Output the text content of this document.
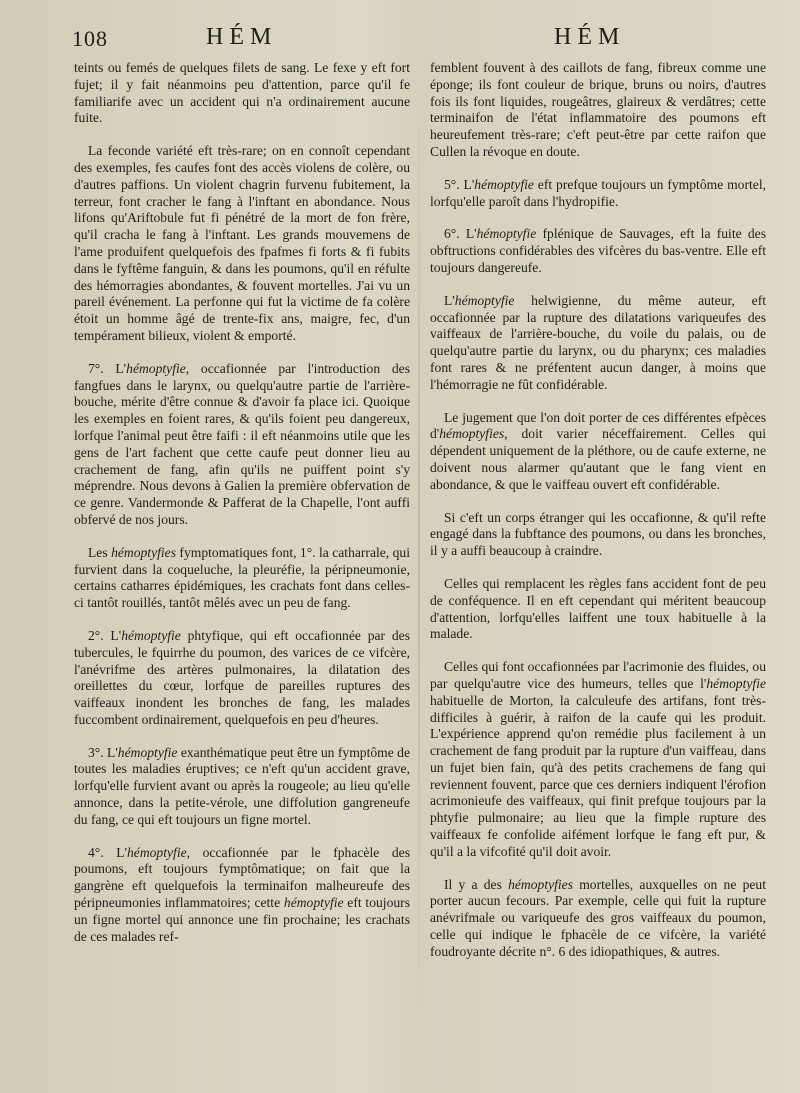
108	HÉM	HÉM

teints ou femés de quelques filets de sang. Le fexe y eft fort fujet; il y fait néanmoins peu d'attention, parce qu'il fe familiarife avec un accident qui n'a ordinairement aucune fuite.

La feconde variété eft très-rare; on en connoît cependant des exemples, fes caufes font des accès violens de colère, ou d'autres paffions. Un violent chagrin furvenu fubitement, la terreur, font cracher le fang à l'inftant en abondance. Nous lifons qu'Ariftobule fut fi pénétré de la mort de fon frère, qu'il cracha le fang à l'inftant. Les grands mouvemens de l'ame produifent quelquefois des fpafmes fi forts & fi fubits dans le fyftême fanguin, & dans les poumons, qu'il en réfulte des hémorragies abondantes, & fouvent mortelles. J'ai vu un pareil événement. La perfonne qui fut la victime de fa colère étoit un homme âgé de trente-fix ans, maigre, fec, d'un tempérament bilieux, violent & emporté.

7°. L'hémoptyfie, occafionnée par l'introduction des fangfues dans le larynx, ou quelqu'autre partie de l'arrière-bouche, mérite d'être connue & d'avoir fa place ici. Quoique les exemples en foient rares, & qu'ils foient peu dangereux, lorfque l'animal peut être faifi : il eft néanmoins utile que les gens de l'art fachent que cette caufe peut donner lieu au crachement de fang, afin qu'ils ne puiffent point s'y méprendre. Nous devons à Galien la première obfervation de ce genre. Vandermonde & Pafferat de la Chapelle, l'ont auffi obfervé de nos jours.

Les hémoptyfies fymptomatiques font, 1°. la catharrale, qui furvient dans la coqueluche, la pleuréfie, la péripneumonie, certains catharres épidémiques, les crachats font dans celles-ci tantôt rouillés, tantôt mêlés avec un peu de fang.

2°. L'hémoptyfie phtyfique, qui eft occafionnée par des tubercules, le fquirrhe du poumon, des varices de ce vifcère, l'anévrifme des artères pulmonaires, la dilatation des oreillettes du cœur, lorfque de pareilles ruptures des vaiffeaux inondent les bronches de fang, les malades fuccombent ordinairement, quelquefois en peu d'heures.

3°. L'hémoptyfie exanthématique peut être un fymptôme de toutes les maladies éruptives; ce n'eft qu'un accident grave, lorfqu'elle furvient avant ou après la rougeole; au lieu qu'elle annonce, dans la petite-vérole, une diffolution gangreneufe du fang, ce qui eft toujours un figne mortel.

4°. L'hémoptyfie, occafionnée par le fphacèle des poumons, eft toujours fymptômatique; on fait que la gangrène eft quelquefois la terminaifon malheureufe des péripneumonies inflammatoires; cette hémoptyfie eft toujours un figne mortel qui annonce une fin prochaine; les crachats de ces malades ref-

femblent fouvent à des caillots de fang, fibreux comme une éponge; ils font couleur de brique, bruns ou noirs, d'autres fois ils font liquides, rougeâtres, glaireux & verdâtres; cette terminaifon de l'état inflammatoire des poumons eft heureufement très-rare; c'eft peut-être par cette raifon que Cullen la révoque en doute.

5°. L'hémoptyfie eft prefque toujours un fymptôme mortel, lorfqu'elle paroît dans l'hydropifie.

6°. L'hémoptyfie fplénique de Sauvages, eft la fuite des obftructions confidérables des vifcères du bas-ventre. Elle eft toujours dangereufe.

L'hémoptyfie helwigienne, du même auteur, eft occafionnée par la rupture des dilatations variqueufes des vaiffeaux de l'arrière-bouche, du voile du palais, ou de quelqu'autre partie du larynx, ou du pharynx; ces maladies font rares & ne préfentent aucun danger, à moins que l'hémorragie ne fût confidérable.

Le jugement que l'on doit porter de ces différentes efpèces d'hémoptyfies, doit varier néceffairement. Celles qui dépendent uniquement de la pléthore, ou de caufe externe, ne doivent nous alarmer qu'autant que le fang vient en abondance, & que le vaiffeau ouvert eft confidérable.

Si c'eft un corps étranger qui les occafionne, & qu'il refte engagé dans la fubftance des poumons, ou dans les bronches, il y a auffi beaucoup à craindre.

Celles qui remplacent les règles fans accident font de peu de conféquence. Il en eft cependant qui méritent beaucoup d'attention, lorfqu'elles laiffent une toux habituelle à la malade.

Celles qui font occafionnées par l'acrimonie des fluides, ou par quelqu'autre vice des humeurs, telles que l'hémoptyfie habituelle de Morton, la calculeufe des artifans, font très-difficiles à guérir, à raifon de la caufe qui les produit. L'expérience apprend qu'on remédie plus facilement à un crachement de fang produit par la rupture d'un vaiffeau, dans un fujet bien fain, qu'à des petits crachemens de fang qui reviennent fouvent, parce que ces derniers indiquent l'érofion acrimonieufe des vaiffeaux, qui finit prefque toujours par la phtyfie pulmonaire; au lieu que la fimple rupture des vaiffeaux fe confolide aifément lorfque le fang eft pur, & qu'il a la vifcofité qu'il doit avoir.

Il y a des hémoptyfies mortelles, auxquelles on ne peut porter aucun fecours. Par exemple, celle qui fuit la rupture anévrifmale ou variqueufe des gros vaiffeaux du poumon, celle qui indique le fphacèle de ce vifcère, la variété foudroyante décrite n°. 6 des idiopathiques, & autres.
